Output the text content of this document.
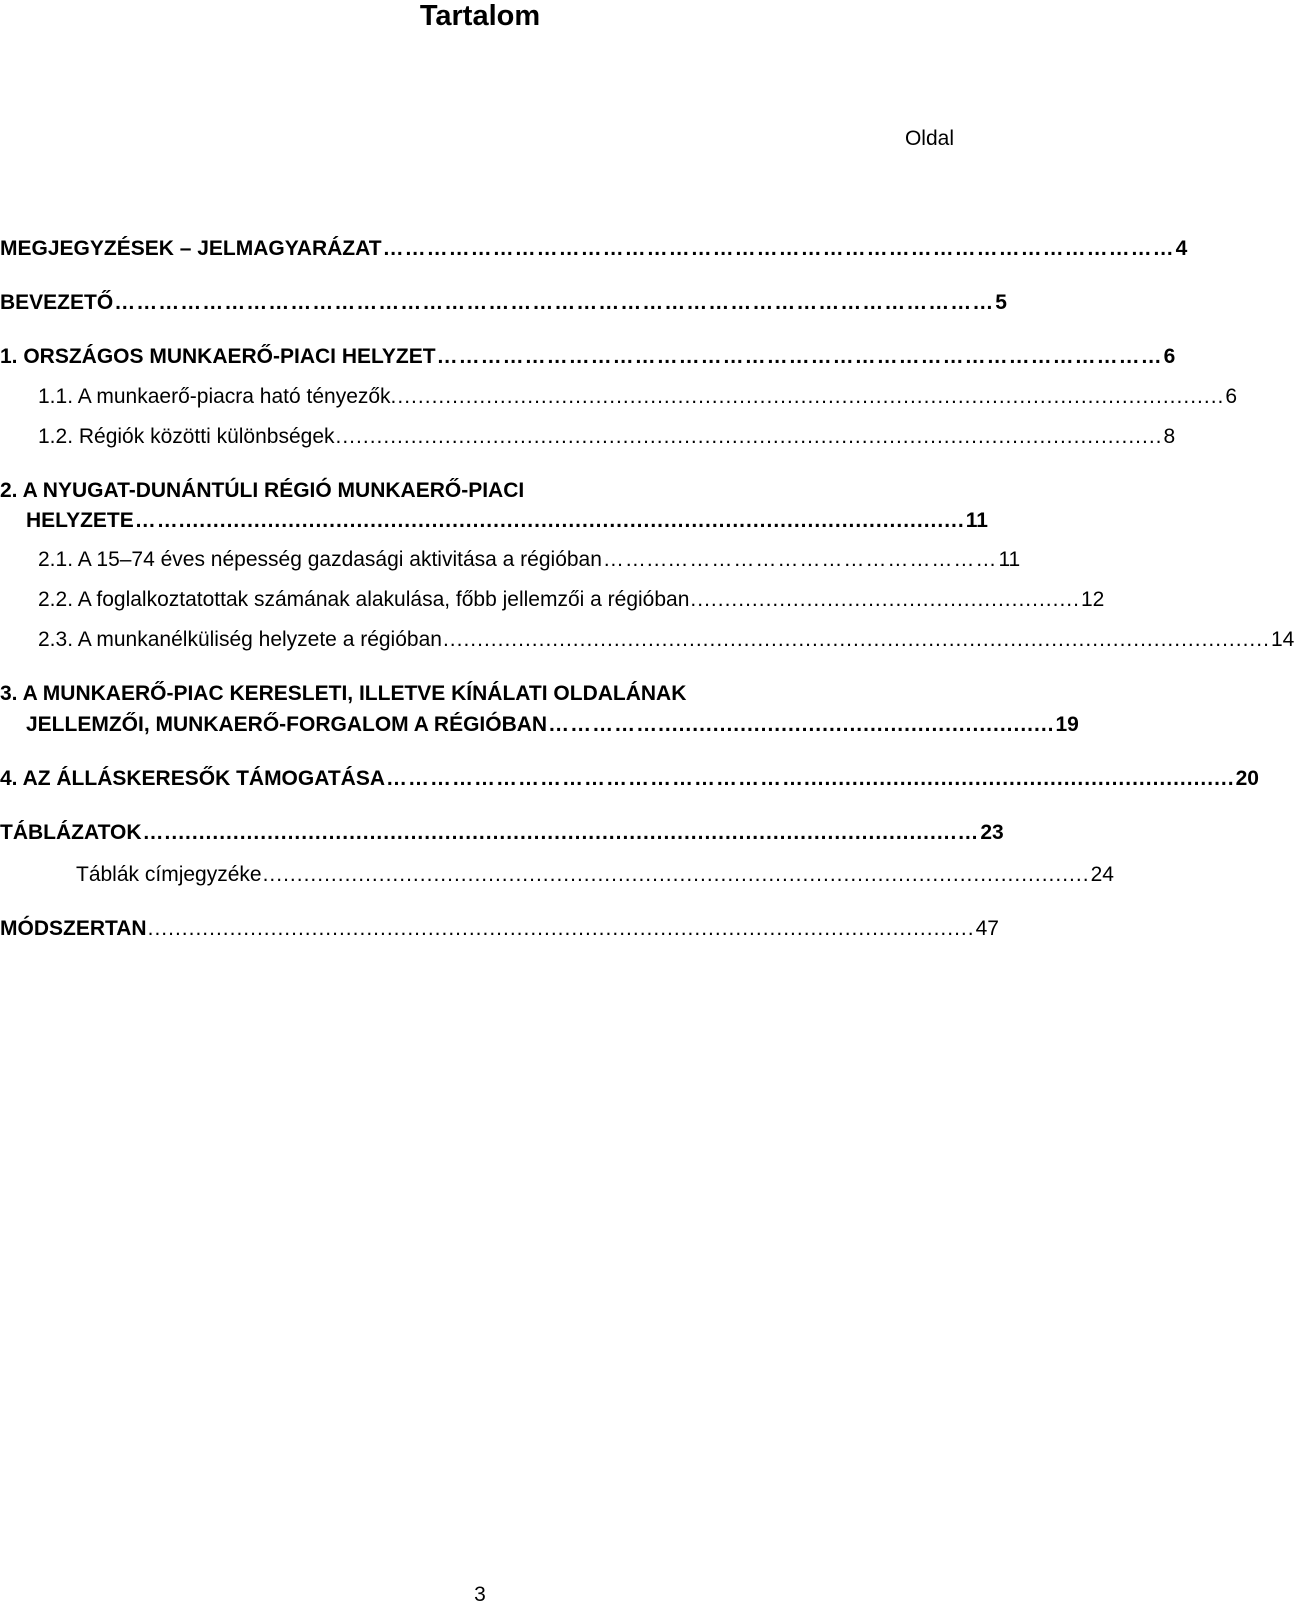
Tartalom
Oldal
MEGJEGYZÉSEK – JELMAGYARÁZAT ……………………………………………………………………………………………… 4
BEVEZETŐ ………………………………………………………………………………………………………… 5
1. ORSZÁGOS MUNKAERŐ-PIACI HELYZET ……………………………………………………………………………………… 6
1.1. A munkaerő-piacra ható tényezők. ......................................................................................................................... 6
1.2. Régiók közötti különbségek ......................................................................................................................... 8
2. A NYUGAT-DUNÁNTÚLI RÉGIÓ MUNKAERŐ-PIACI
HELYZETE ……................................................................................................................... 11
2.1. A 15–74 éves népesség gazdasági aktivitása a régióban ……...……………………………………… 11
2.2. A foglalkoztatottak számának alakulása, főbb jellemzői a régióban ......................................................... 12
2.3. A munkanélküliség helyzete a régióban ......................................................................................................................... 14
3. A MUNKAERŐ-PIAC KERESLETI, ILLETVE KÍNÁLATI OLDALÁNAK
JELLEMZŐI, MUNKAERŐ-FORGALOM A RÉGIÓBAN …………….......................................................... 19
4. AZ ÁLLÁSKERESŐK TÁMOGATÁSA …………………………………………………............................................................... 20
TÁBLÁZATOK …....................................................................................................................… 23
Táblák címjegyzéke ......................................................................................................................... 24
MÓDSZERTAN ......................................................................................................................... 47
3
